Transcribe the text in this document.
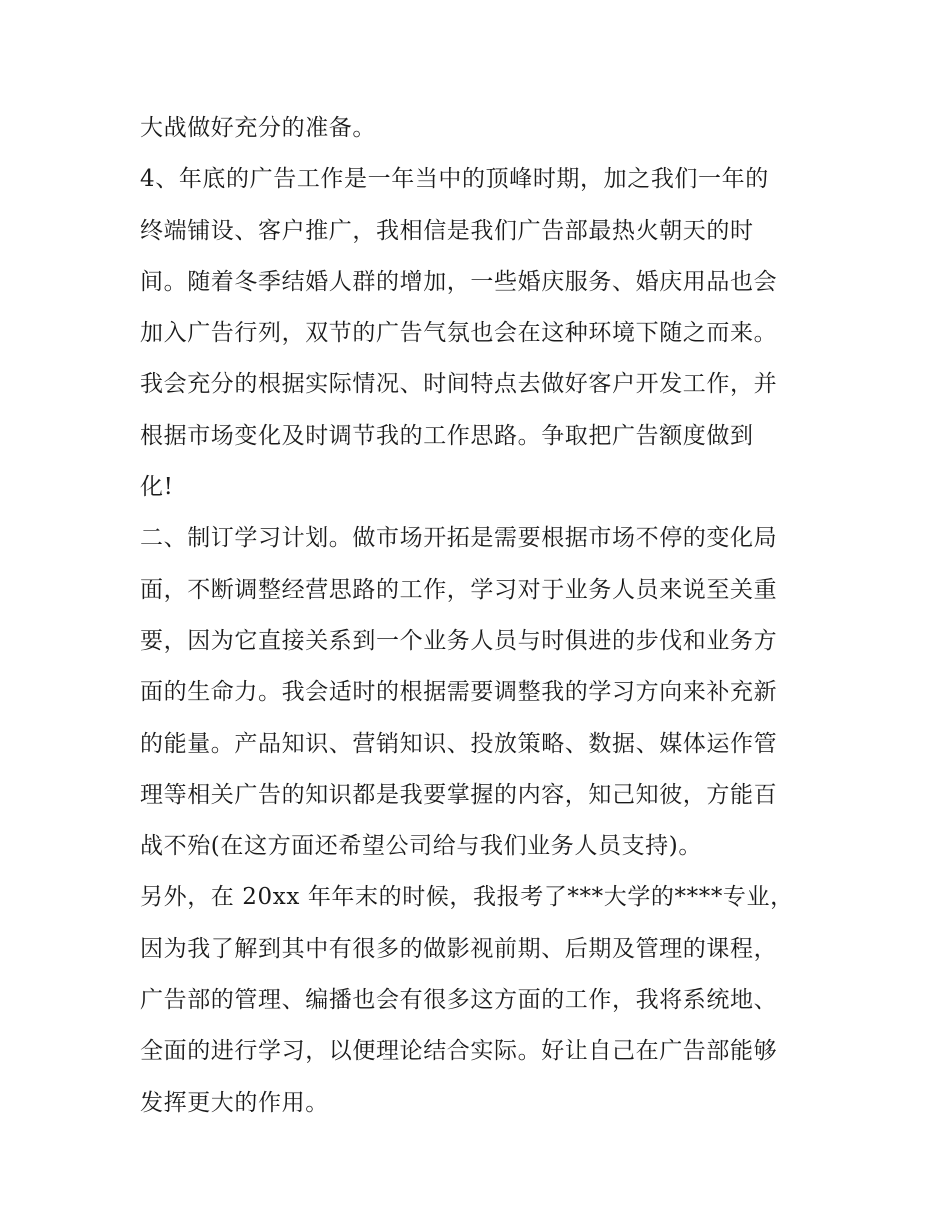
大战做好充分的准备。
4、年底的广告工作是一年当中的顶峰时期，加之我们一年的
终端铺设、客户推广，我相信是我们广告部最热火朝天的时
间。随着冬季结婚人群的增加，一些婚庆服务、婚庆用品也会
加入广告行列，双节的广告气氛也会在这种环境下随之而来。
我会充分的根据实际情况、时间特点去做好客户开发工作，并
根据市场变化及时调节我的工作思路。争取把广告额度做到
化!
二、制订学习计划。做市场开拓是需要根据市场不停的变化局
面，不断调整经营思路的工作，学习对于业务人员来说至关重
要，因为它直接关系到一个业务人员与时俱进的步伐和业务方
面的生命力。我会适时的根据需要调整我的学习方向来补充新
的能量。产品知识、营销知识、投放策略、数据、媒体运作管
理等相关广告的知识都是我要掌握的内容，知己知彼，方能百
战不殆(在这方面还希望公司给与我们业务人员支持)。
另外，在 20xx 年年末的时候，我报考了***大学的****专业，
因为我了解到其中有很多的做影视前期、后期及管理的课程，
广告部的管理、编播也会有很多这方面的工作，我将系统地、
全面的进行学习，以便理论结合实际。好让自己在广告部能够
发挥更大的作用。
